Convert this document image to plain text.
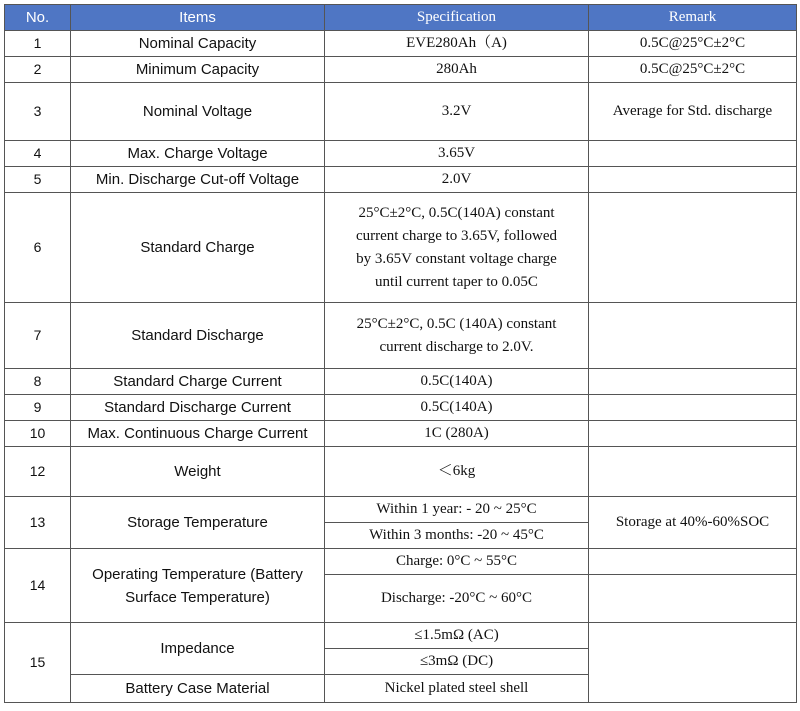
No.	Items	Specification	Remark
1	Nominal Capacity	EVE280Ah（A)	0.5C@25°C±2°C
2	Minimum Capacity	280Ah	0.5C@25°C±2°C
3	Nominal Voltage	3.2V	Average for Std. discharge
4	Max. Charge Voltage	3.65V	
5	Min. Discharge Cut-off Voltage	2.0V	
6	Standard Charge	25°C±2°C, 0.5C(140A) constant
current charge to 3.65V, followed
by 3.65V constant voltage charge
until current taper to 0.05C	
7	Standard Discharge	25°C±2°C, 0.5C (140A) constant
current discharge to 2.0V.	
8	Standard Charge Current	0.5C(140A)	
9	Standard Discharge Current	0.5C(140A)	
10	Max. Continuous Charge Current	1C (280A)	
12	Weight	＜6kg	
13	Storage Temperature	Within 1 year: - 20 ~ 25°C	Storage at 40%-60%SOC
		Within 3 months: -20 ~ 45°C	
14	Operating Temperature (Battery
Surface Temperature)	Charge: 0°C ~ 55°C	
		Discharge: -20°C ~ 60°C	
15	Impedance	≤1.5mΩ (AC)	
		≤3mΩ (DC)	
	Battery Case Material	Nickel plated steel shell	
